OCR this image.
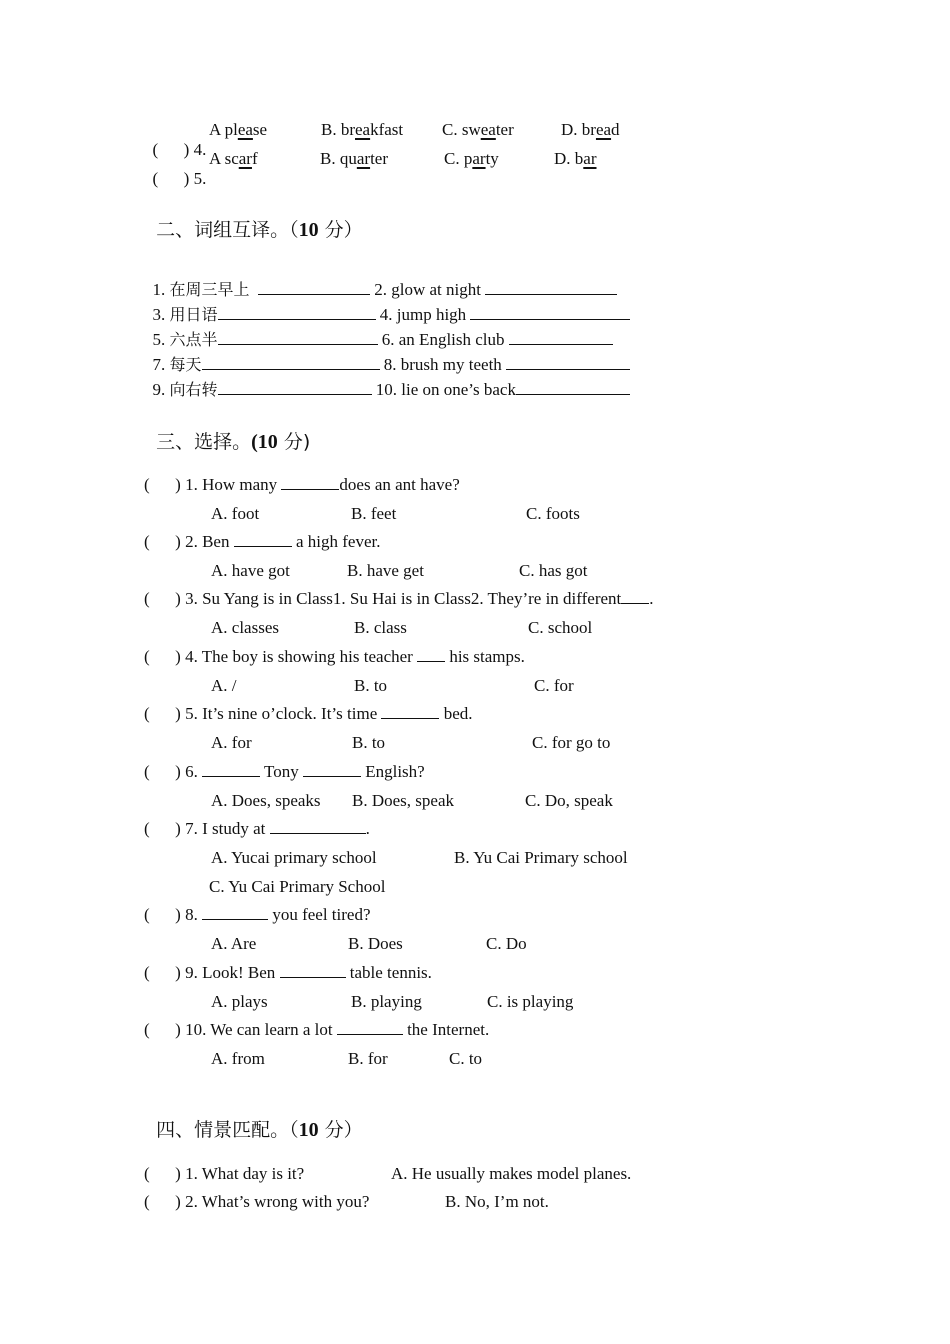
(      ) 4.

A please	B. breakfast C. sweater	D. bread

(      ) 5.

A scarf	B. quarter	C. party	D. bar

二、词组互译。（10 分）

1. 在周三早上	2. glow at night

3. 用日语	4. jump high

5. 六点半	6. an English club

7. 每天	8. brush my teeth

9. 向右转	10. lie on one’s back

三、选择。(10 分)

(      ) 1. How many	does an ant have?
A. foot	B. feet	C. foots
(      ) 2. Ben	a high fever.
A. have got	B. have get	C. has got
(      ) 3. Su Yang is in Class1. Su Hai is in Class2. They’re in different .
A. classes	B. class	C. school
(      ) 4. The boy is showing his teacher  his stamps.
A. /	B. to	C. for
(      ) 5. It’s nine o’clock. It’s time	bed.
A. for	B. to	C. for go to
(      ) 6.	Tony	English?
A. Does, speaks B. Does, speak	C. Do, speak
(      ) 7. I study at	.
A. Yucai primary school	B. Yu Cai Primary school
C. Yu Cai Primary School
(      ) 8.	you feel tired?
A. Are	B. Does	C. Do
(      ) 9. Look! Ben	table tennis.
A. plays	B. playing	C. is playing
(      ) 10. We can learn a lot	the Internet.
A. from	B. for	C. to

四、情景匹配。（10 分）

(      ) 1. What day is it?	A. He usually makes model planes.
(      ) 2. What’s wrong with you?	B. No, I’m not.
